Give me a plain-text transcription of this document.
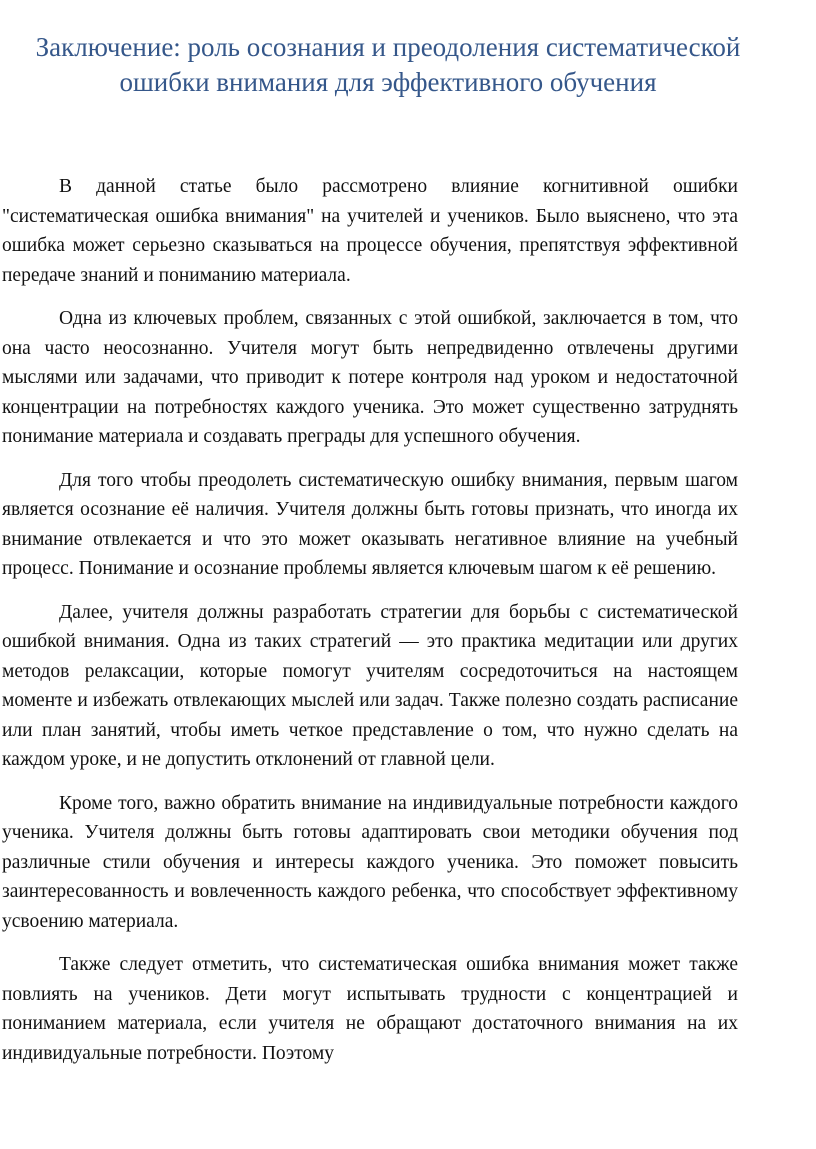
Заключение: роль осознания и преодоления систематической ошибки внимания для эффективного обучения

В данной статье было рассмотрено влияние когнитивной ошибки "систематическая ошибка внимания" на учителей и учеников. Было выяснено, что эта ошибка может серьезно сказываться на процессе обучения, препятствуя эффективной передаче знаний и пониманию материала.

Одна из ключевых проблем, связанных с этой ошибкой, заключается в том, что она часто неосознанно. Учителя могут быть непредвиденно отвлечены другими мыслями или задачами, что приводит к потере контроля над уроком и недостаточной концентрации на потребностях каждого ученика. Это может существенно затруднять понимание материала и создавать преграды для успешного обучения.

Для того чтобы преодолеть систематическую ошибку внимания, первым шагом является осознание её наличия. Учителя должны быть готовы признать, что иногда их внимание отвлекается и что это может оказывать негативное влияние на учебный процесс. Понимание и осознание проблемы является ключевым шагом к её решению.

Далее, учителя должны разработать стратегии для борьбы с систематической ошибкой внимания. Одна из таких стратегий — это практика медитации или других методов релаксации, которые помогут учителям сосредоточиться на настоящем моменте и избежать отвлекающих мыслей или задач. Также полезно создать расписание или план занятий, чтобы иметь четкое представление о том, что нужно сделать на каждом уроке, и не допустить отклонений от главной цели.

Кроме того, важно обратить внимание на индивидуальные потребности каждого ученика. Учителя должны быть готовы адаптировать свои методики обучения под различные стили обучения и интересы каждого ученика. Это поможет повысить заинтересованность и вовлеченность каждого ребенка, что способствует эффективному усвоению материала.

Также следует отметить, что систематическая ошибка внимания может также повлиять на учеников. Дети могут испытывать трудности с концентрацией и пониманием материала, если учителя не обращают достаточного внимания на их индивидуальные потребности. Поэтому
